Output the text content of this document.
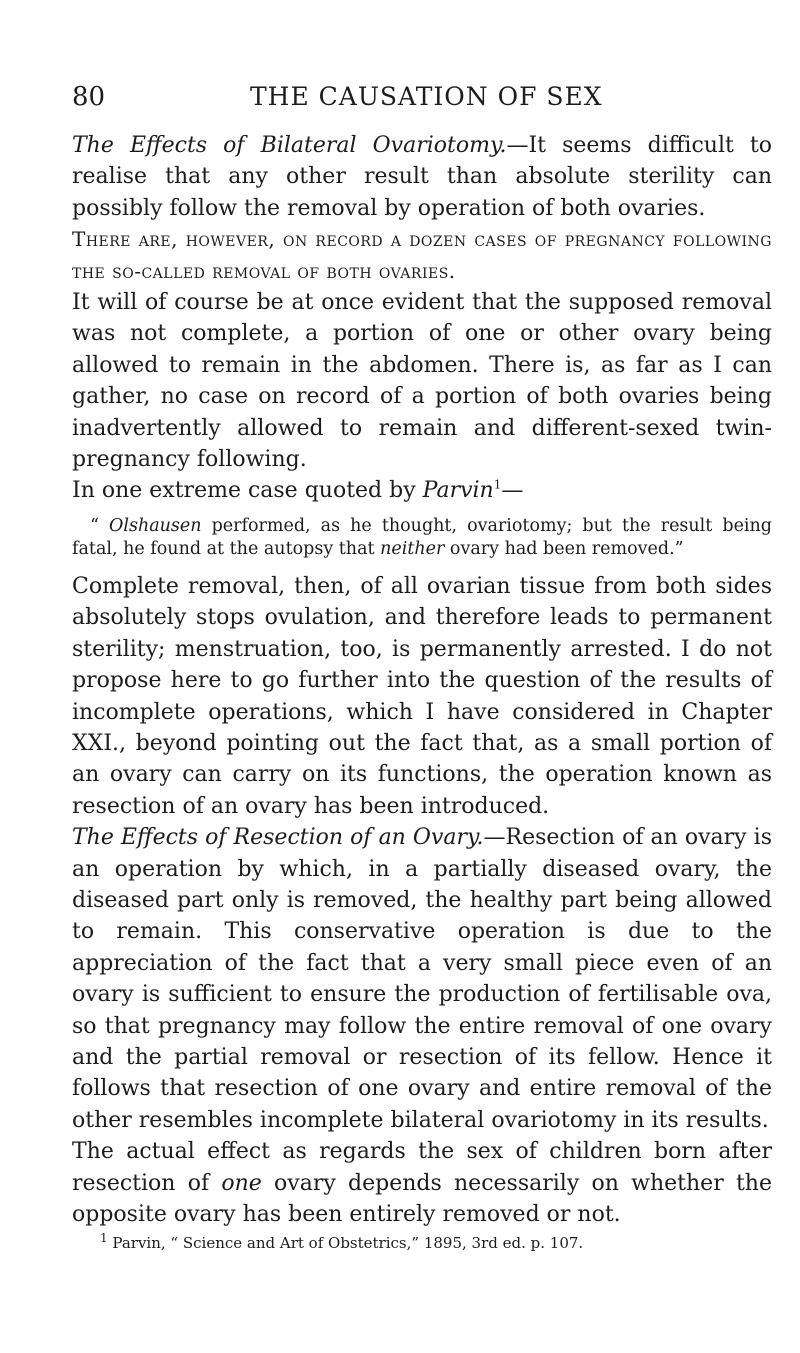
80	THE CAUSATION OF SEX

The Effects of Bilateral Ovariotomy.—It seems difficult to realise that any other result than absolute sterility can possibly follow the removal by operation of both ovaries.

There are, however, on record a dozen cases of pregnancy following the so-called removal of both ovaries.

It will of course be at once evident that the supposed removal was not complete, a portion of one or other ovary being allowed to remain in the abdomen. There is, as far as I can gather, no case on record of a portion of both ovaries being inadvertently allowed to remain and different-sexed twin-pregnancy following.

In one extreme case quoted by Parvin$^1$—

“ Olshausen performed, as he thought, ovariotomy; but the result being fatal, he found at the autopsy that neither ovary had been removed.”

Complete removal, then, of all ovarian tissue from both sides absolutely stops ovulation, and therefore leads to permanent sterility; menstruation, too, is permanently arrested. I do not propose here to go further into the question of the results of incomplete operations, which I have considered in Chapter XXI., beyond pointing out the fact that, as a small portion of an ovary can carry on its functions, the operation known as resection of an ovary has been introduced.

The Effects of Resection of an Ovary.—Resection of an ovary is an operation by which, in a partially diseased ovary, the diseased part only is removed, the healthy part being allowed to remain. This conservative operation is due to the appreciation of the fact that a very small piece even of an ovary is sufficient to ensure the production of fertilisable ova, so that pregnancy may follow the entire removal of one ovary and the partial removal or resection of its fellow. Hence it follows that resection of one ovary and entire removal of the other resembles incomplete bilateral ovariotomy in its results.

The actual effect as regards the sex of children born after resection of one ovary depends necessarily on whether the opposite ovary has been entirely removed or not.

$^1$ Parvin, “ Science and Art of Obstetrics,” 1895, 3rd ed. p. 107.
